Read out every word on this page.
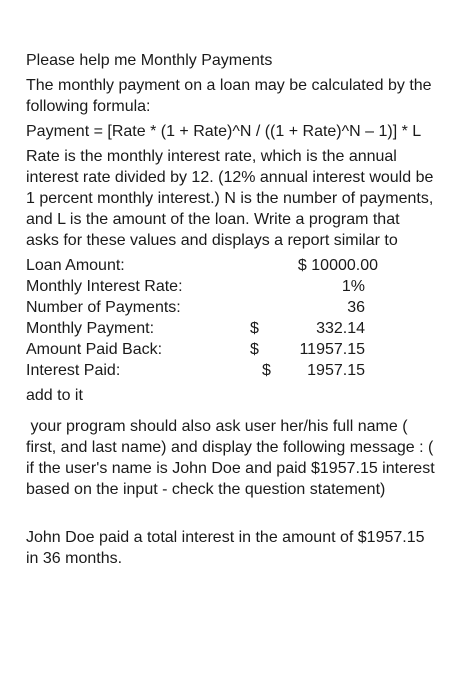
Please help me Monthly Payments

The monthly payment on a loan may be calculated by the following formula:

Payment = [Rate * (1 + Rate)^N / ((1 + Rate)^N – 1)] * L

Rate is the monthly interest rate, which is the annual interest rate divided by 12. (12% annual interest would be 1 percent monthly interest.) N is the number of payments, and L is the amount of the loan. Write a program that asks for these values and displays a report similar to

Loan Amount:	$ 10000.00
Monthly Interest Rate:	1%
Number of Payments:	36
Monthly Payment:	$	332.14
Amount Paid Back:	$	11957.15
Interest Paid:	$ 1957.15

add to it

your program should also ask user her/his full name ( first, and last name) and display the following message : ( if the user's name is John Doe and paid $1957.15 interest based on the input - check the question statement)

John Doe paid a total interest in the amount of $1957.15 in 36 months.
